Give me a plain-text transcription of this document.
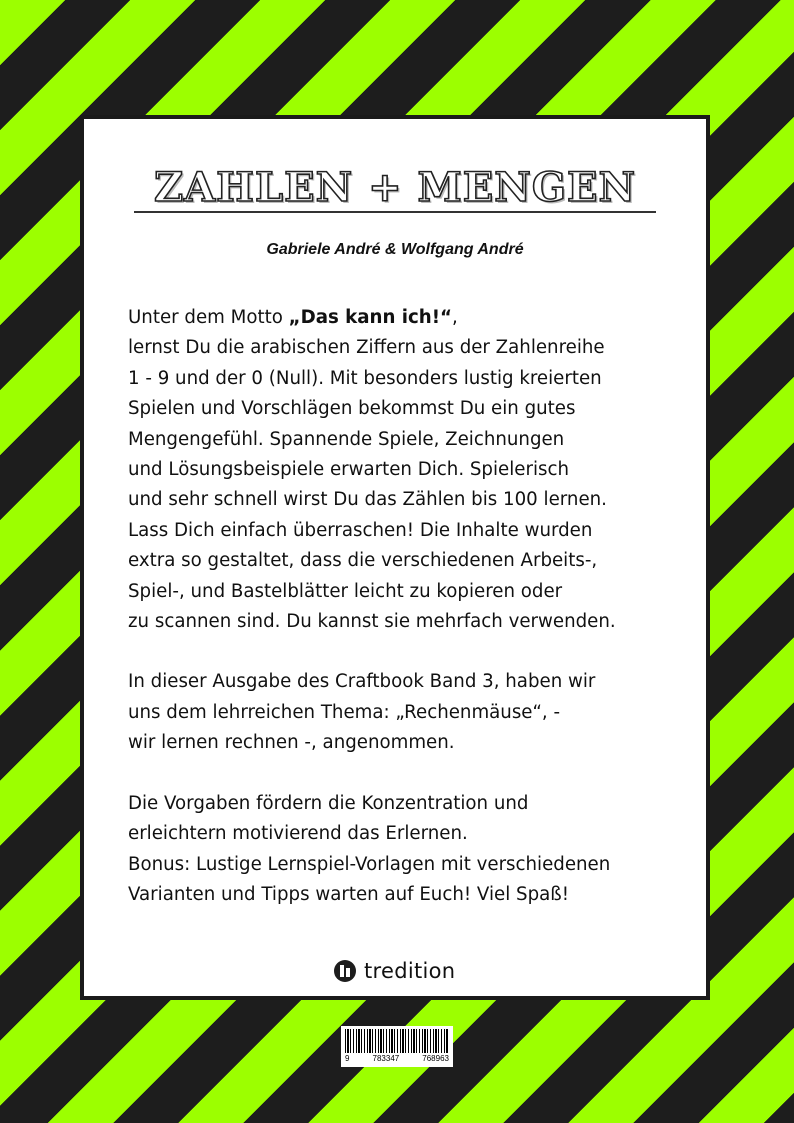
ZAHLEN + MENGEN
Gabriele André & Wolfgang André

Unter dem Motto „Das kann ich!“,
lernst Du die arabischen Ziffern aus der Zahlenreihe
1 - 9 und der 0 (Null). Mit besonders lustig kreierten
Spielen und Vorschlägen bekommst Du ein gutes
Mengengefühl. Spannende Spiele, Zeichnungen
und Lösungsbeispiele erwarten Dich. Spielerisch
und sehr schnell wirst Du das Zählen bis 100 lernen.
Lass Dich einfach überraschen! Die Inhalte wurden
extra so gestaltet, dass die verschiedenen Arbeits-,
Spiel-, und Bastelblätter leicht zu kopieren oder
zu scannen sind. Du kannst sie mehrfach verwenden.

In dieser Ausgabe des Craftbook Band 3, haben wir
uns dem lehrreichen Thema: „Rechenmäuse“, -
wir lernen rechnen -, angenommen.

Die Vorgaben fördern die Konzentration und
erleichtern motivierend das Erlernen.
Bonus: Lustige Lernspiel-Vorlagen mit verschiedenen
Varianten und Tipps warten auf Euch! Viel Spaß!

tredition
9	783347	768963
